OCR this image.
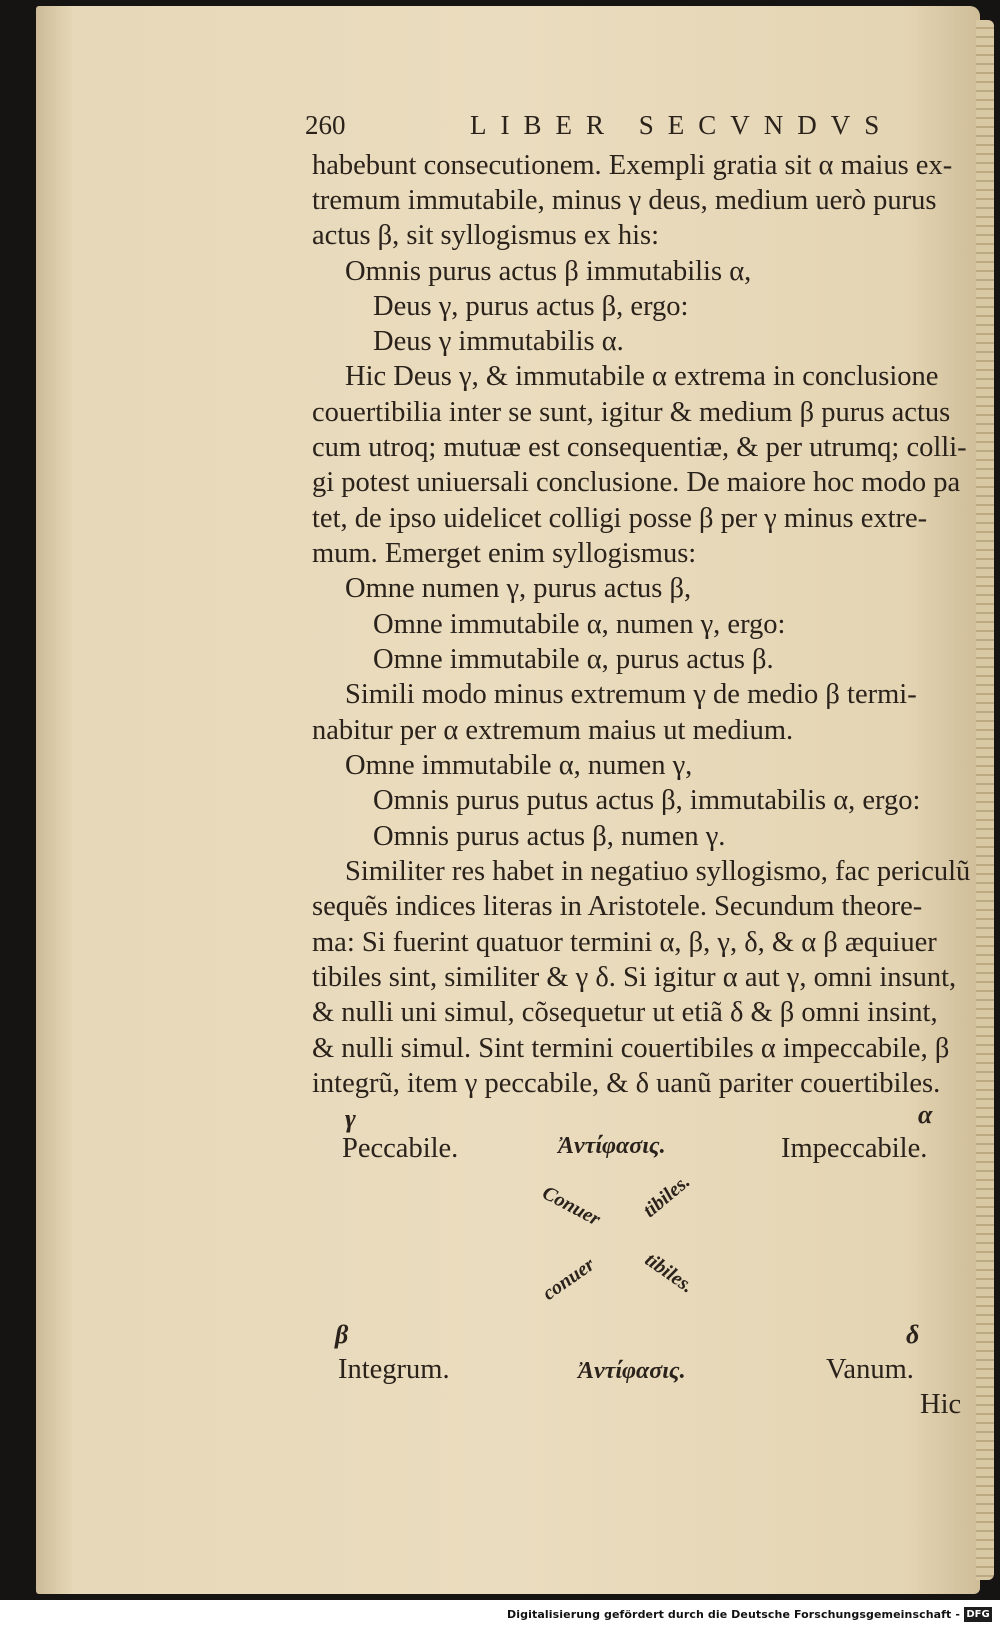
260	LIBER SECVNDVS
habebunt consecutionem. Exempli gratia sit α maius ex-
tremum immutabile, minus γ deus, medium uerò purus
actus β, sit syllogismus ex his:
Omnis purus actus β immutabilis α,
Deus γ, purus actus β, ergo:
Deus γ immutabilis α.
Hic Deus γ, & immutabile α extrema in conclusione
couertibilia inter se sunt, igitur & medium β purus actus
cum utroq; mutuæ est consequentiæ, & per utrumq; colli-
gi potest uniuersali conclusione. De maiore hoc modo pa
tet, de ipso uidelicet colligi posse β per γ minus extre-
mum. Emerget enim syllogismus:
Omne numen γ, purus actus β,
Omne immutabile α, numen γ, ergo:
Omne immutabile α, purus actus β.
Simili modo minus extremum γ de medio β termi-
nabitur per α extremum maius ut medium.
Omne immutabile α, numen γ,
Omnis purus putus actus β, immutabilis α, ergo:
Omnis purus actus β, numen γ.
Similiter res habet in negatiuo syllogismo, fac periculũ
sequẽs indices literas in Aristotele. Secundum theore-
ma: Si fuerint quatuor termini α, β, γ, δ, & α β æquiuer
tibiles sint, similiter & γ δ. Si igitur α aut γ, omni insunt,
& nulli uni simul, cõsequetur ut etiã δ & β omni insint,
& nulli simul. Sint termini couertibiles α impeccabile, β
integrũ, item γ peccabile, & δ uanũ pariter couertibiles.
γ
Peccabile.	Ἀντίφασις.
α
Impeccabile.
Conuer tibiles.
conuer tibiles.
β
Integrum.	Ἀντίφασις.
δ
Vanum.
Hic
Digitalisierung gefördert durch die Deutsche Forschungsgemeinschaft - DFG
